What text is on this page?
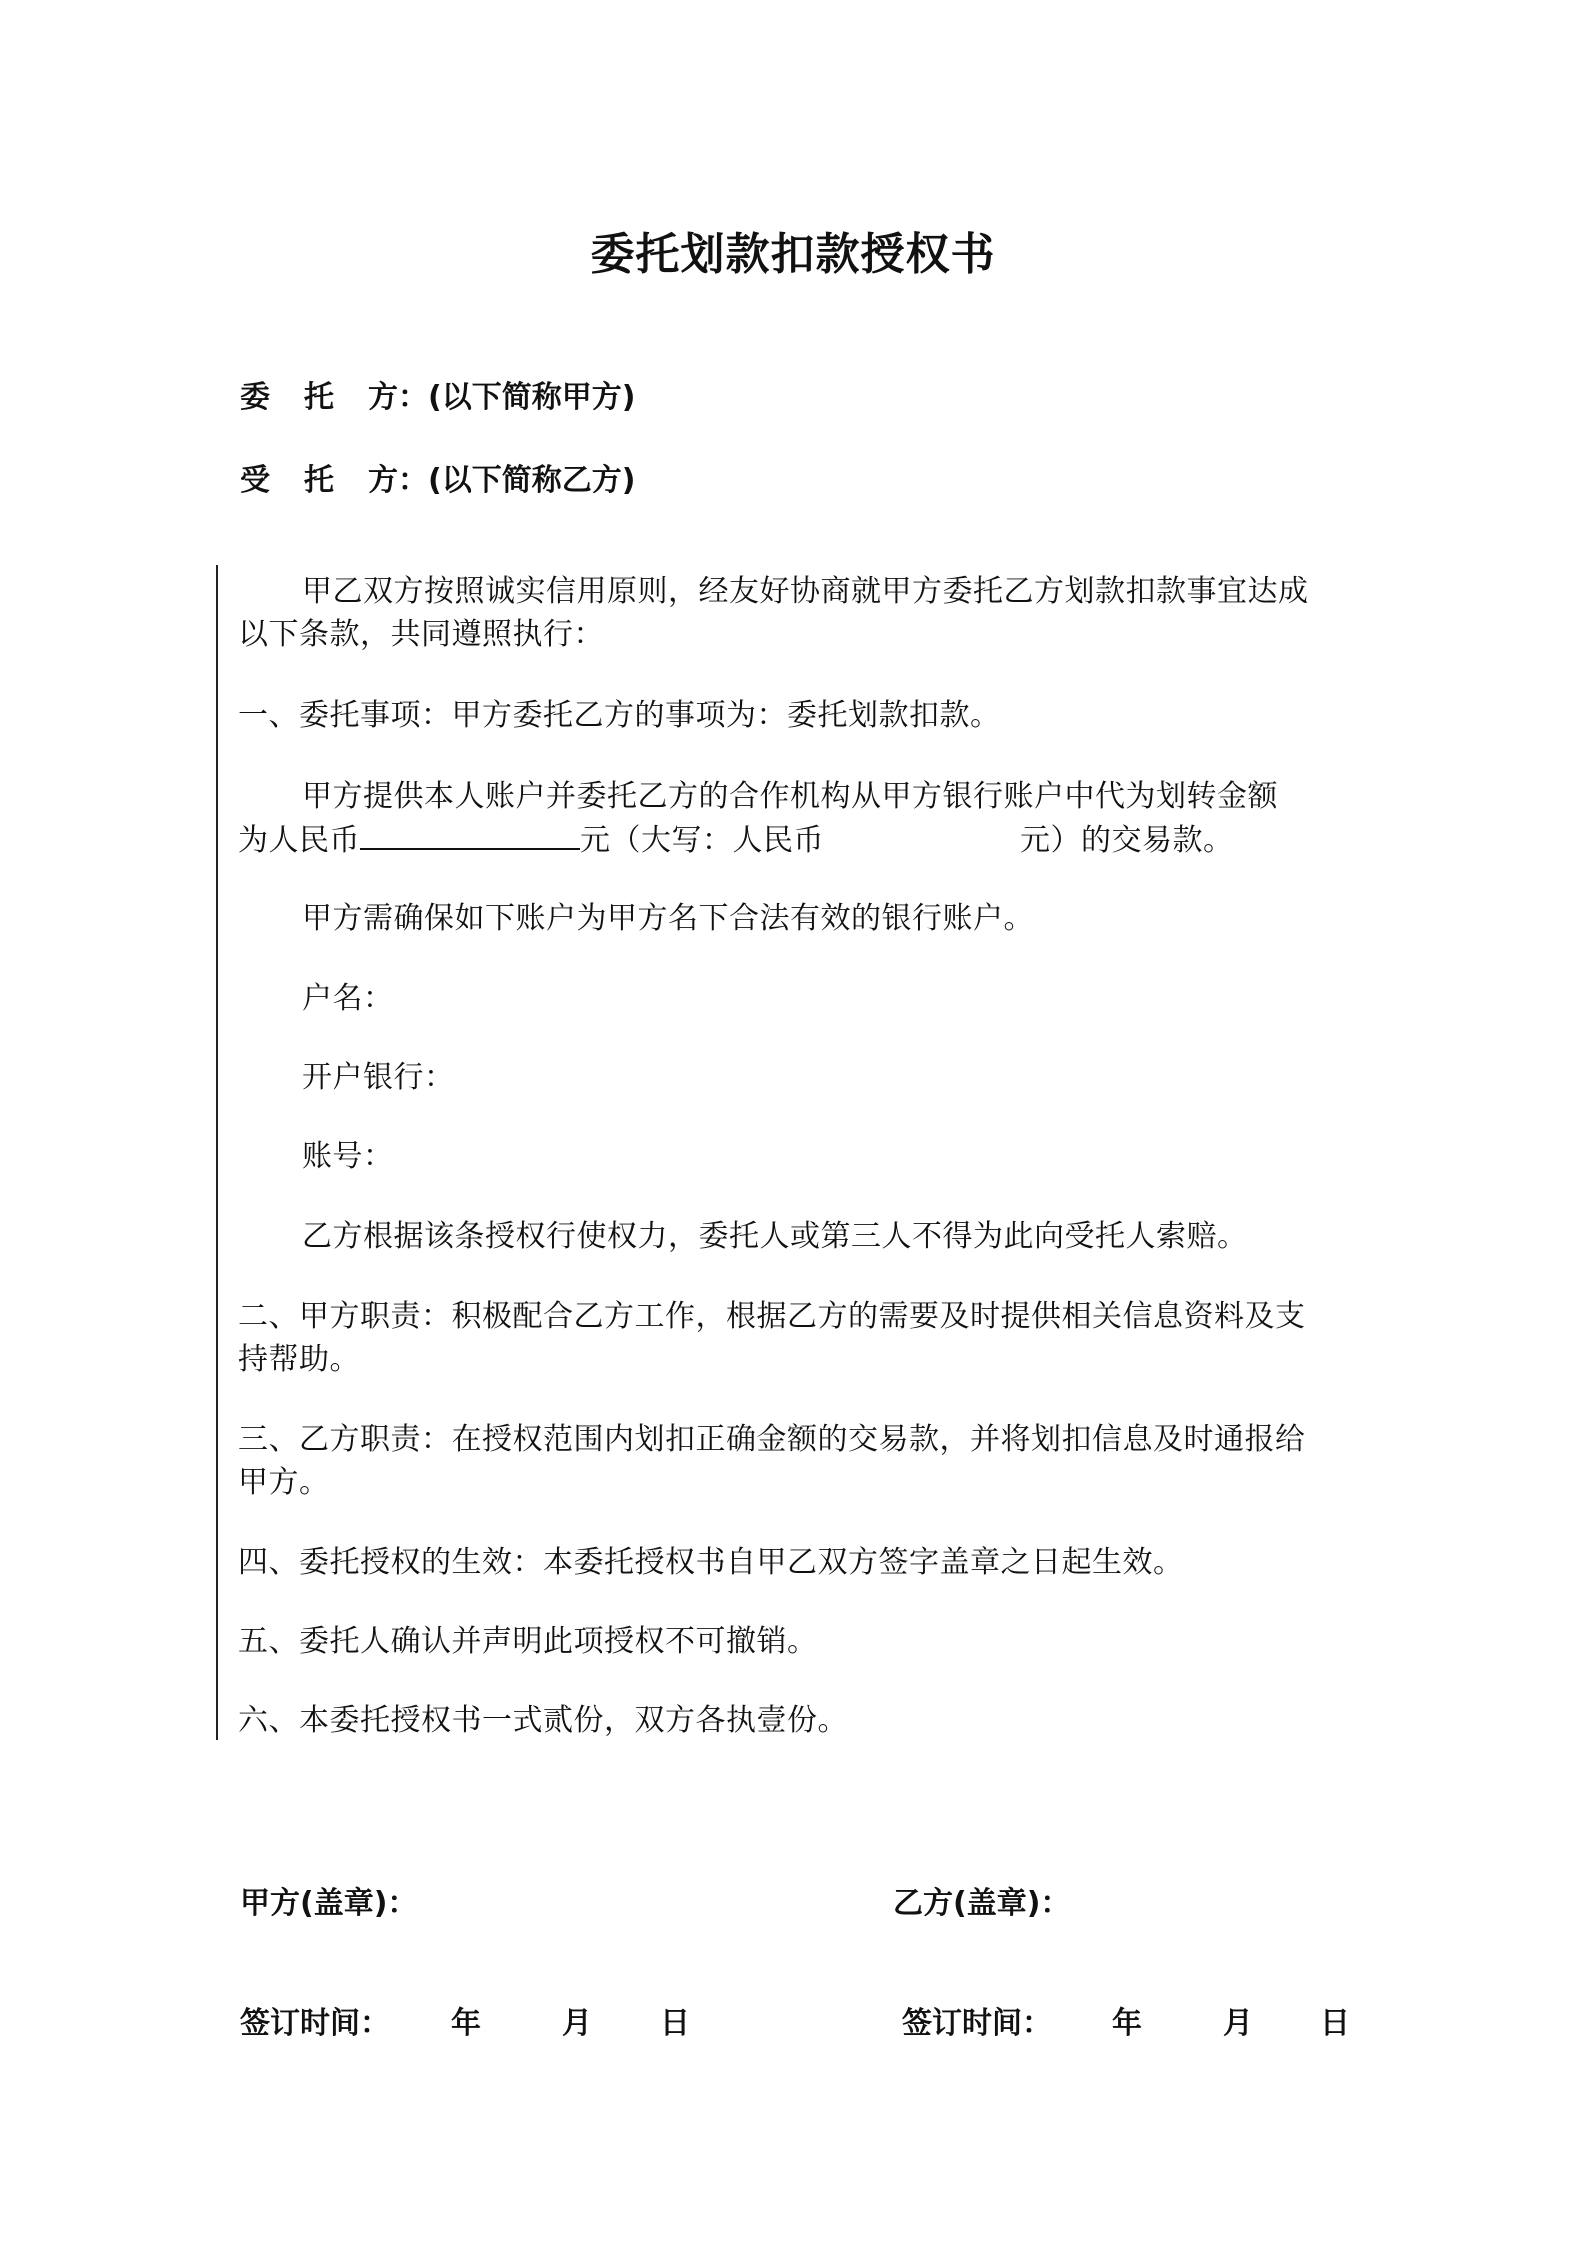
委托划款扣款授权书
委 托 方：(以下简称甲方)
受 托 方：(以下简称乙方)
甲乙双方按照诚实信用原则，经友好协商就甲方委托乙方划款扣款事宜达成
以下条款，共同遵照执行：
一、委托事项：甲方委托乙方的事项为：委托划款扣款。
甲方提供本人账户并委托乙方的合作机构从甲方银行账户中代为划转金额
为人民币	元（大写：人民币	元）的交易款。
甲方需确保如下账户为甲方名下合法有效的银行账户。
户名：
开户银行：
账号：
乙方根据该条授权行使权力，委托人或第三人不得为此向受托人索赔。
二、甲方职责：积极配合乙方工作，根据乙方的需要及时提供相关信息资料及支
持帮助。
三、乙方职责：在授权范围内划扣正确金额的交易款，并将划扣信息及时通报给
甲方。
四、委托授权的生效：本委托授权书自甲乙双方签字盖章之日起生效。
五、委托人确认并声明此项授权不可撤销。
六、本委托授权书一式贰份，双方各执壹份。
甲方(盖章)：	乙方(盖章)：
签订时间： 年	月 日	签订时间： 年	月 日
